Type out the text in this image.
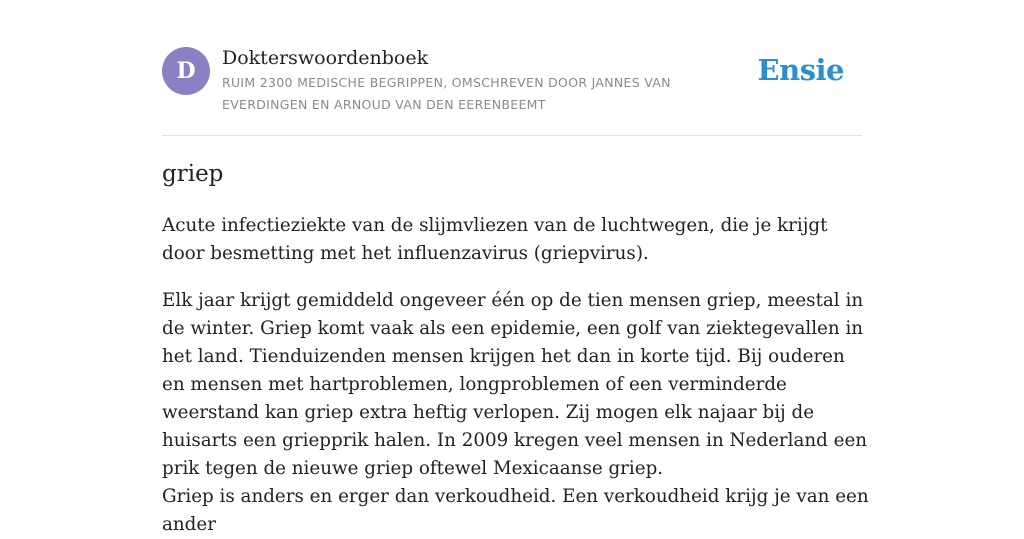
D	Dokterswoordenboek
RUIM 2300 MEDISCHE BEGRIPPEN, OMSCHREVEN DOOR JANNES VAN EVERDINGEN EN ARNOUD VAN DEN EERENBEEMT
Ensie
griep

Acute infectieziekte van de slijmvliezen van de luchtwegen, die je krijgt door besmetting met het influenzavirus (griepvirus).

Elk jaar krijgt gemiddeld ongeveer één op de tien mensen griep, meestal in de winter. Griep komt vaak als een epidemie, een golf van ziektegevallen in het land. Tienduizenden mensen krijgen het dan in korte tijd. Bij ouderen en mensen met hartproblemen, longproblemen of een verminderde weerstand kan griep extra heftig verlopen. Zij mogen elk najaar bij de huisarts een griepprik halen. In 2009 kregen veel mensen in Nederland een prik tegen de nieuwe griep oftewel Mexicaanse griep.

Griep is anders en erger dan verkoudheid. Een verkoudheid krijg je van een ander
